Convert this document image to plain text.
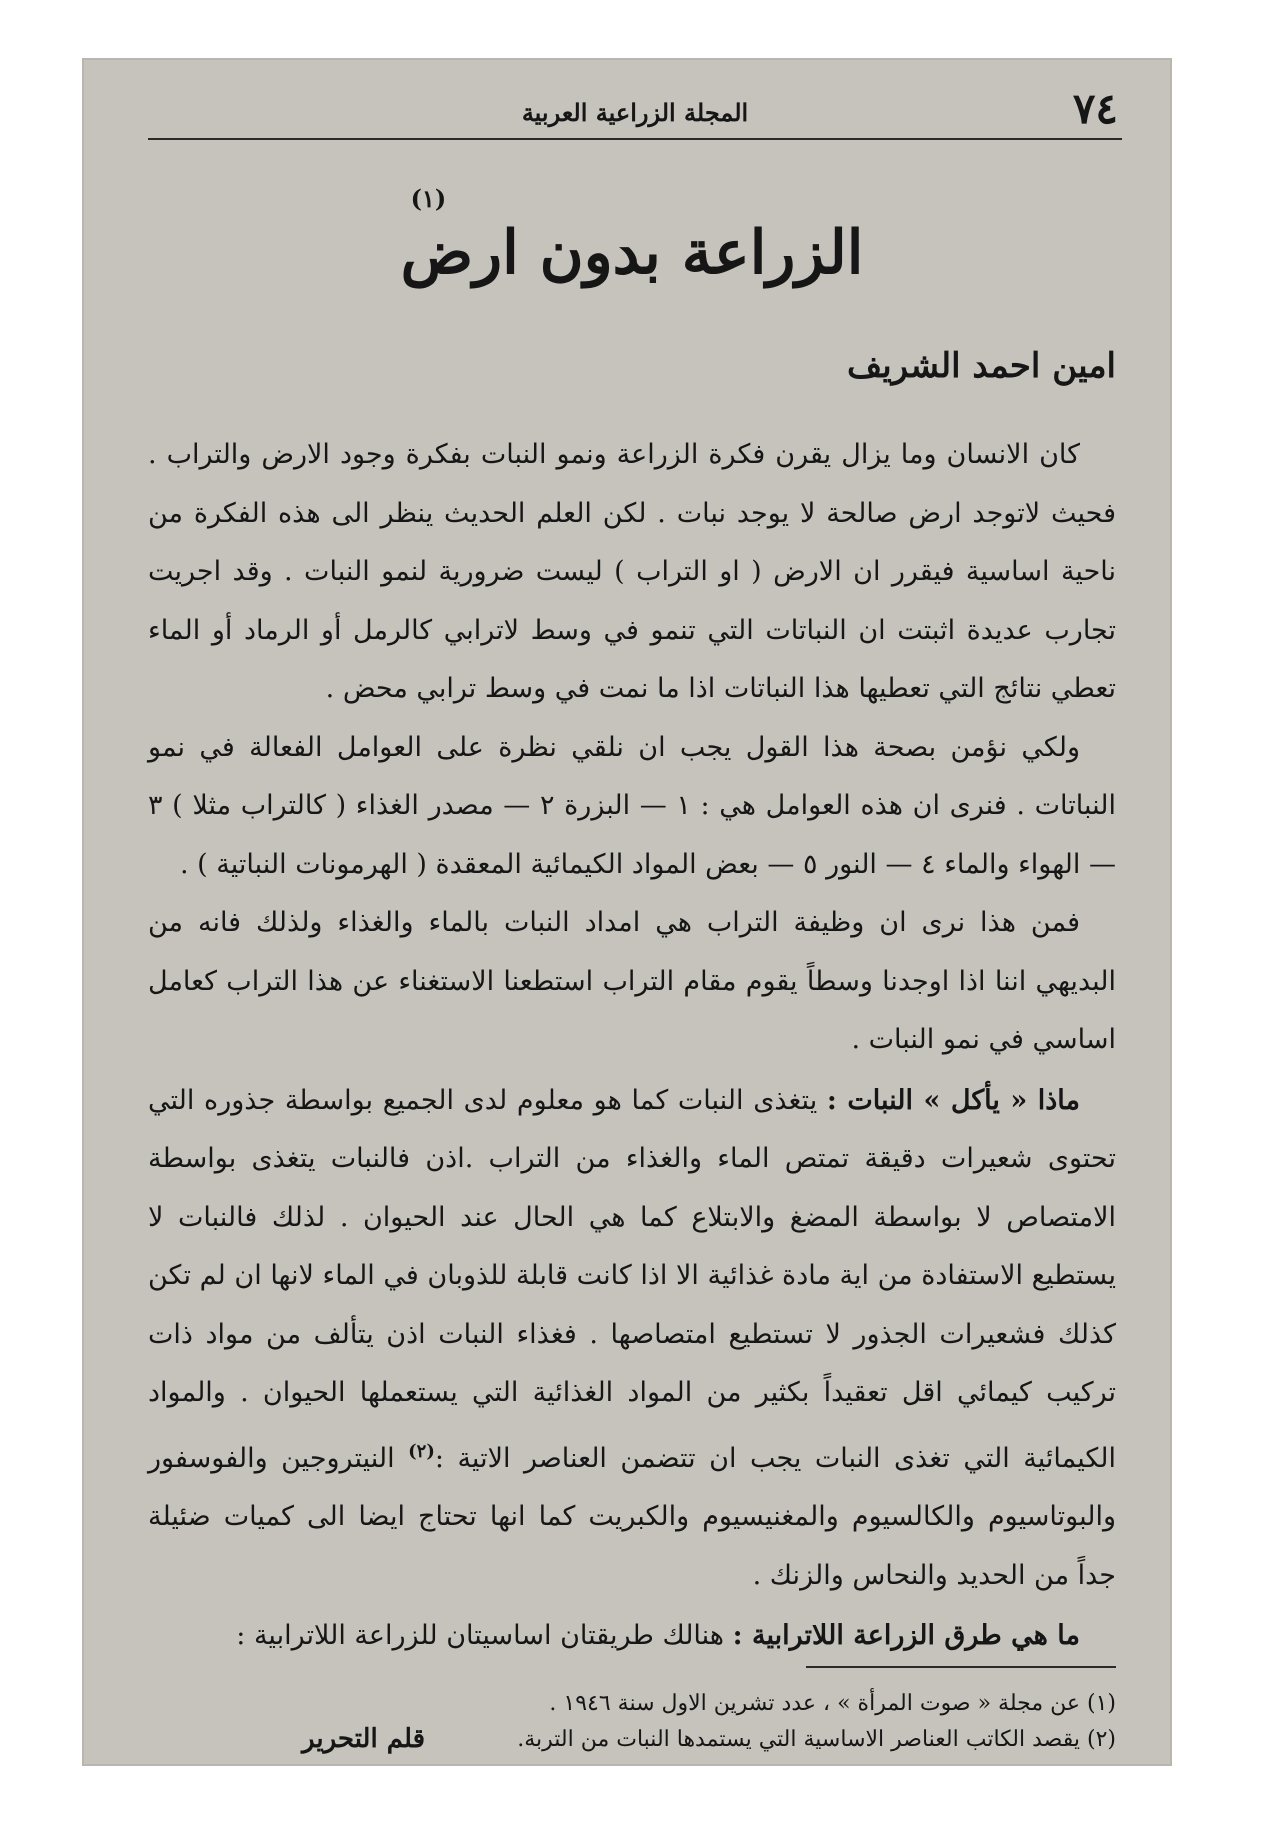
٧٤
المجلة الزراعية العربية
الزراعة بدون ارض
(١)
امين احمد الشريف

كان الانسان وما يزال يقرن فكرة الزراعة ونمو النبات بفكرة وجود الارض والتراب . فحيث لاتوجد ارض صالحة لا يوجد نبات . لكن العلم الحديث ينظر الى هذه الفكرة من ناحية اساسية فيقرر ان الارض ( او التراب ) ليست ضرورية لنمو النبات . وقد اجريت تجارب عديدة اثبتت ان النباتات التي تنمو في وسط لاترابي كالرمل أو الرماد أو الماء تعطي نتائج التي تعطيها هذا النباتات اذا ما نمت في وسط ترابي محض .

ولكي نؤمن بصحة هذا القول يجب ان نلقي نظرة على العوامل الفعالة في نمو النباتات . فنرى ان هذه العوامل هي : ١ — البزرة ٢ — مصدر الغذاء ( كالتراب مثلا ) ٣ — الهواء والماء ٤ — النور ٥ — بعض المواد الكيمائية المعقدة ( الهرمونات النباتية ) .

فمن هذا نرى ان وظيفة التراب هي امداد النبات بالماء والغذاء ولذلك فانه من البديهي اننا اذا اوجدنا وسطاً يقوم مقام التراب استطعنا الاستغناء عن هذا التراب كعامل اساسي في نمو النبات .

ماذا « يأكل » النبات : يتغذى النبات كما هو معلوم لدى الجميع بواسطة جذوره التي تحتوى شعيرات دقيقة تمتص الماء والغذاء من التراب .اذن فالنبات يتغذى بواسطة الامتصاص لا بواسطة المضغ والابتلاع كما هي الحال عند الحيوان . لذلك فالنبات لا يستطيع الاستفادة من اية مادة غذائية الا اذا كانت قابلة للذوبان في الماء لانها ان لم تكن كذلك فشعيرات الجذور لا تستطيع امتصاصها . فغذاء النبات اذن يتألف من مواد ذات تركيب كيمائي اقل تعقيداً بكثير من المواد الغذائية التي يستعملها الحيوان . والمواد الكيمائية التي تغذى النبات يجب ان تتضمن العناصر الاتية :$^{(٢)}$ النيتروجين والفوسفور والبوتاسيوم والكالسيوم والمغنيسيوم والكبريت كما انها تحتاج ايضا الى كميات ضئيلة جداً من الحديد والنحاس والزنك .

ما هي طرق الزراعة اللاترابية : هنالك طريقتان اساسيتان للزراعة اللاترابية :

(١) عن مجلة « صوت المرأة » ، عدد تشرين الاول سنة ١٩٤٦ .
(٢) يقصد الكاتب العناصر الاساسية التي يستمدها النبات من التربة.
قلم التحرير
